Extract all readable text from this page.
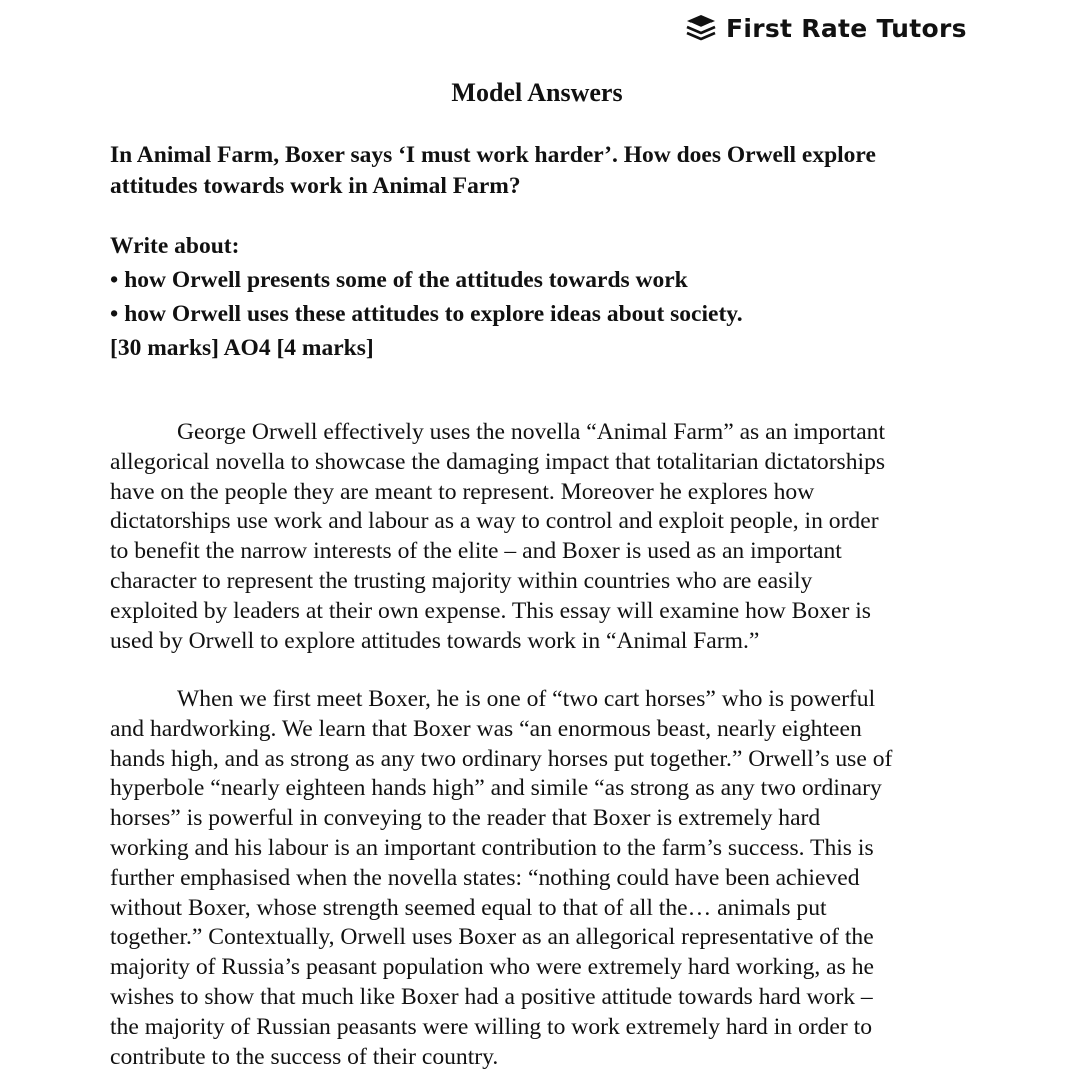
First Rate Tutors
Model Answers
In Animal Farm, Boxer says ‘I must work harder’. How does Orwell explore
attitudes towards work in Animal Farm?
Write about:
• how Orwell presents some of the attitudes towards work
• how Orwell uses these attitudes to explore ideas about society.
[30 marks] AO4 [4 marks]
George Orwell effectively uses the novella “Animal Farm” as an important
allegorical novella to showcase the damaging impact that totalitarian dictatorships
have on the people they are meant to represent. Moreover he explores how
dictatorships use work and labour as a way to control and exploit people, in order
to benefit the narrow interests of the elite – and Boxer is used as an important
character to represent the trusting majority within countries who are easily
exploited by leaders at their own expense. This essay will examine how Boxer is
used by Orwell to explore attitudes towards work in “Animal Farm.”
When we first meet Boxer, he is one of “two cart horses” who is powerful
and hardworking. We learn that Boxer was “an enormous beast, nearly eighteen
hands high, and as strong as any two ordinary horses put together.” Orwell’s use of
hyperbole “nearly eighteen hands high” and simile “as strong as any two ordinary
horses” is powerful in conveying to the reader that Boxer is extremely hard
working and his labour is an important contribution to the farm’s success. This is
further emphasised when the novella states: “nothing could have been achieved
without Boxer, whose strength seemed equal to that of all the… animals put
together.” Contextually, Orwell uses Boxer as an allegorical representative of the
majority of Russia’s peasant population who were extremely hard working, as he
wishes to show that much like Boxer had a positive attitude towards hard work –
the majority of Russian peasants were willing to work extremely hard in order to
contribute to the success of their country.
